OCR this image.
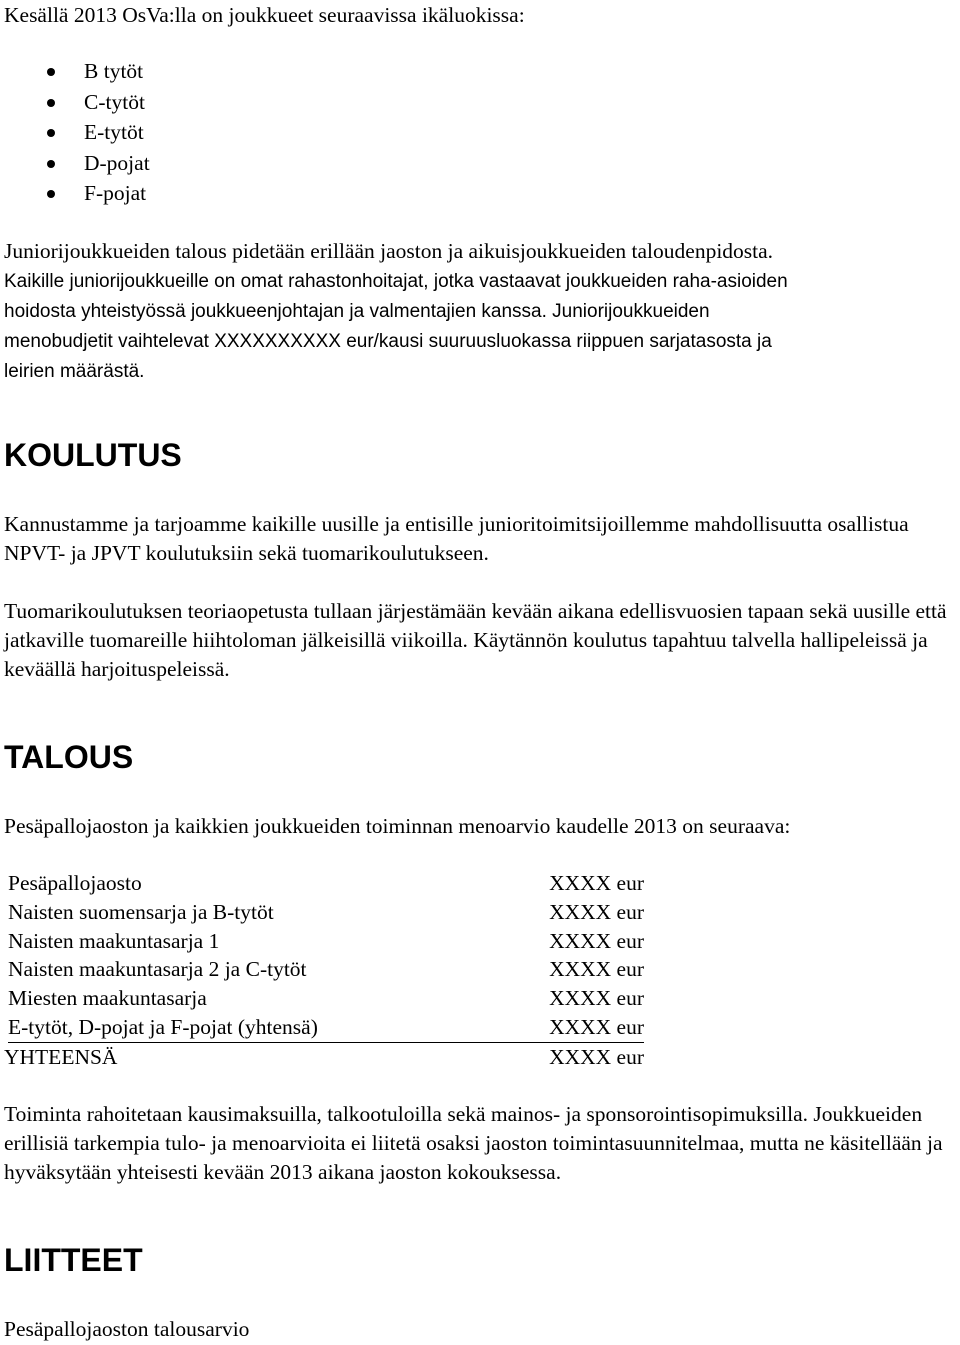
Kesällä 2013 OsVa:lla on joukkueet seuraavissa ikäluokissa:
B tytöt
C-tytöt
E-tytöt
D-pojat
F-pojat
Juniorijoukkueiden talous pidetään erillään jaoston ja aikuisjoukkueiden taloudenpidosta.
Kaikille juniorijoukkueille on omat rahastonhoitajat, jotka vastaavat joukkueiden raha-asioiden
hoidosta yhteistyössä joukkueenjohtajan ja valmentajien kanssa. Juniorijoukkueiden
menobudjetit vaihtelevat XXXXXXXXXX eur/kausi suuruusluokassa riippuen sarjatasosta ja
leirien määrästä.
KOULUTUS
Kannustamme ja tarjoamme kaikille uusille ja entisille junioritoimitsijoillemme mahdollisuutta osallistua NPVT- ja JPVT koulutuksiin sekä tuomarikoulutukseen.
Tuomarikoulutuksen teoriaopetusta tullaan järjestämään kevään aikana edellisvuosien tapaan sekä uusille että jatkaville tuomareille hiihtoloman jälkeisillä viikoilla. Käytännön koulutus tapahtuu talvella hallipeleissä ja keväällä harjoituspeleissä.
TALOUS
Pesäpallojaoston ja kaikkien joukkueiden toiminnan menoarvio kaudelle 2013 on seuraava:
Pesäpallojaosto	XXXX eur
Naisten suomensarja ja B-tytöt	XXXX eur
Naisten maakuntasarja 1	XXXX eur
Naisten maakuntasarja 2 ja C-tytöt	XXXX eur
Miesten maakuntasarja	XXXX eur
E-tytöt, D-pojat ja F-pojat (yhtensä)	XXXX eur
YHTEENSÄ	XXXX eur
Toiminta rahoitetaan kausimaksuilla, talkootuloilla sekä mainos- ja sponsorointisopimuksilla. Joukkueiden erillisiä tarkempia tulo- ja menoarvioita ei liitetä osaksi jaoston toimintasuunnitelmaa, mutta ne käsitellään ja hyväksytään yhteisesti kevään 2013 aikana jaoston kokouksessa.
LIITTEET
Pesäpallojaoston talousarvio
